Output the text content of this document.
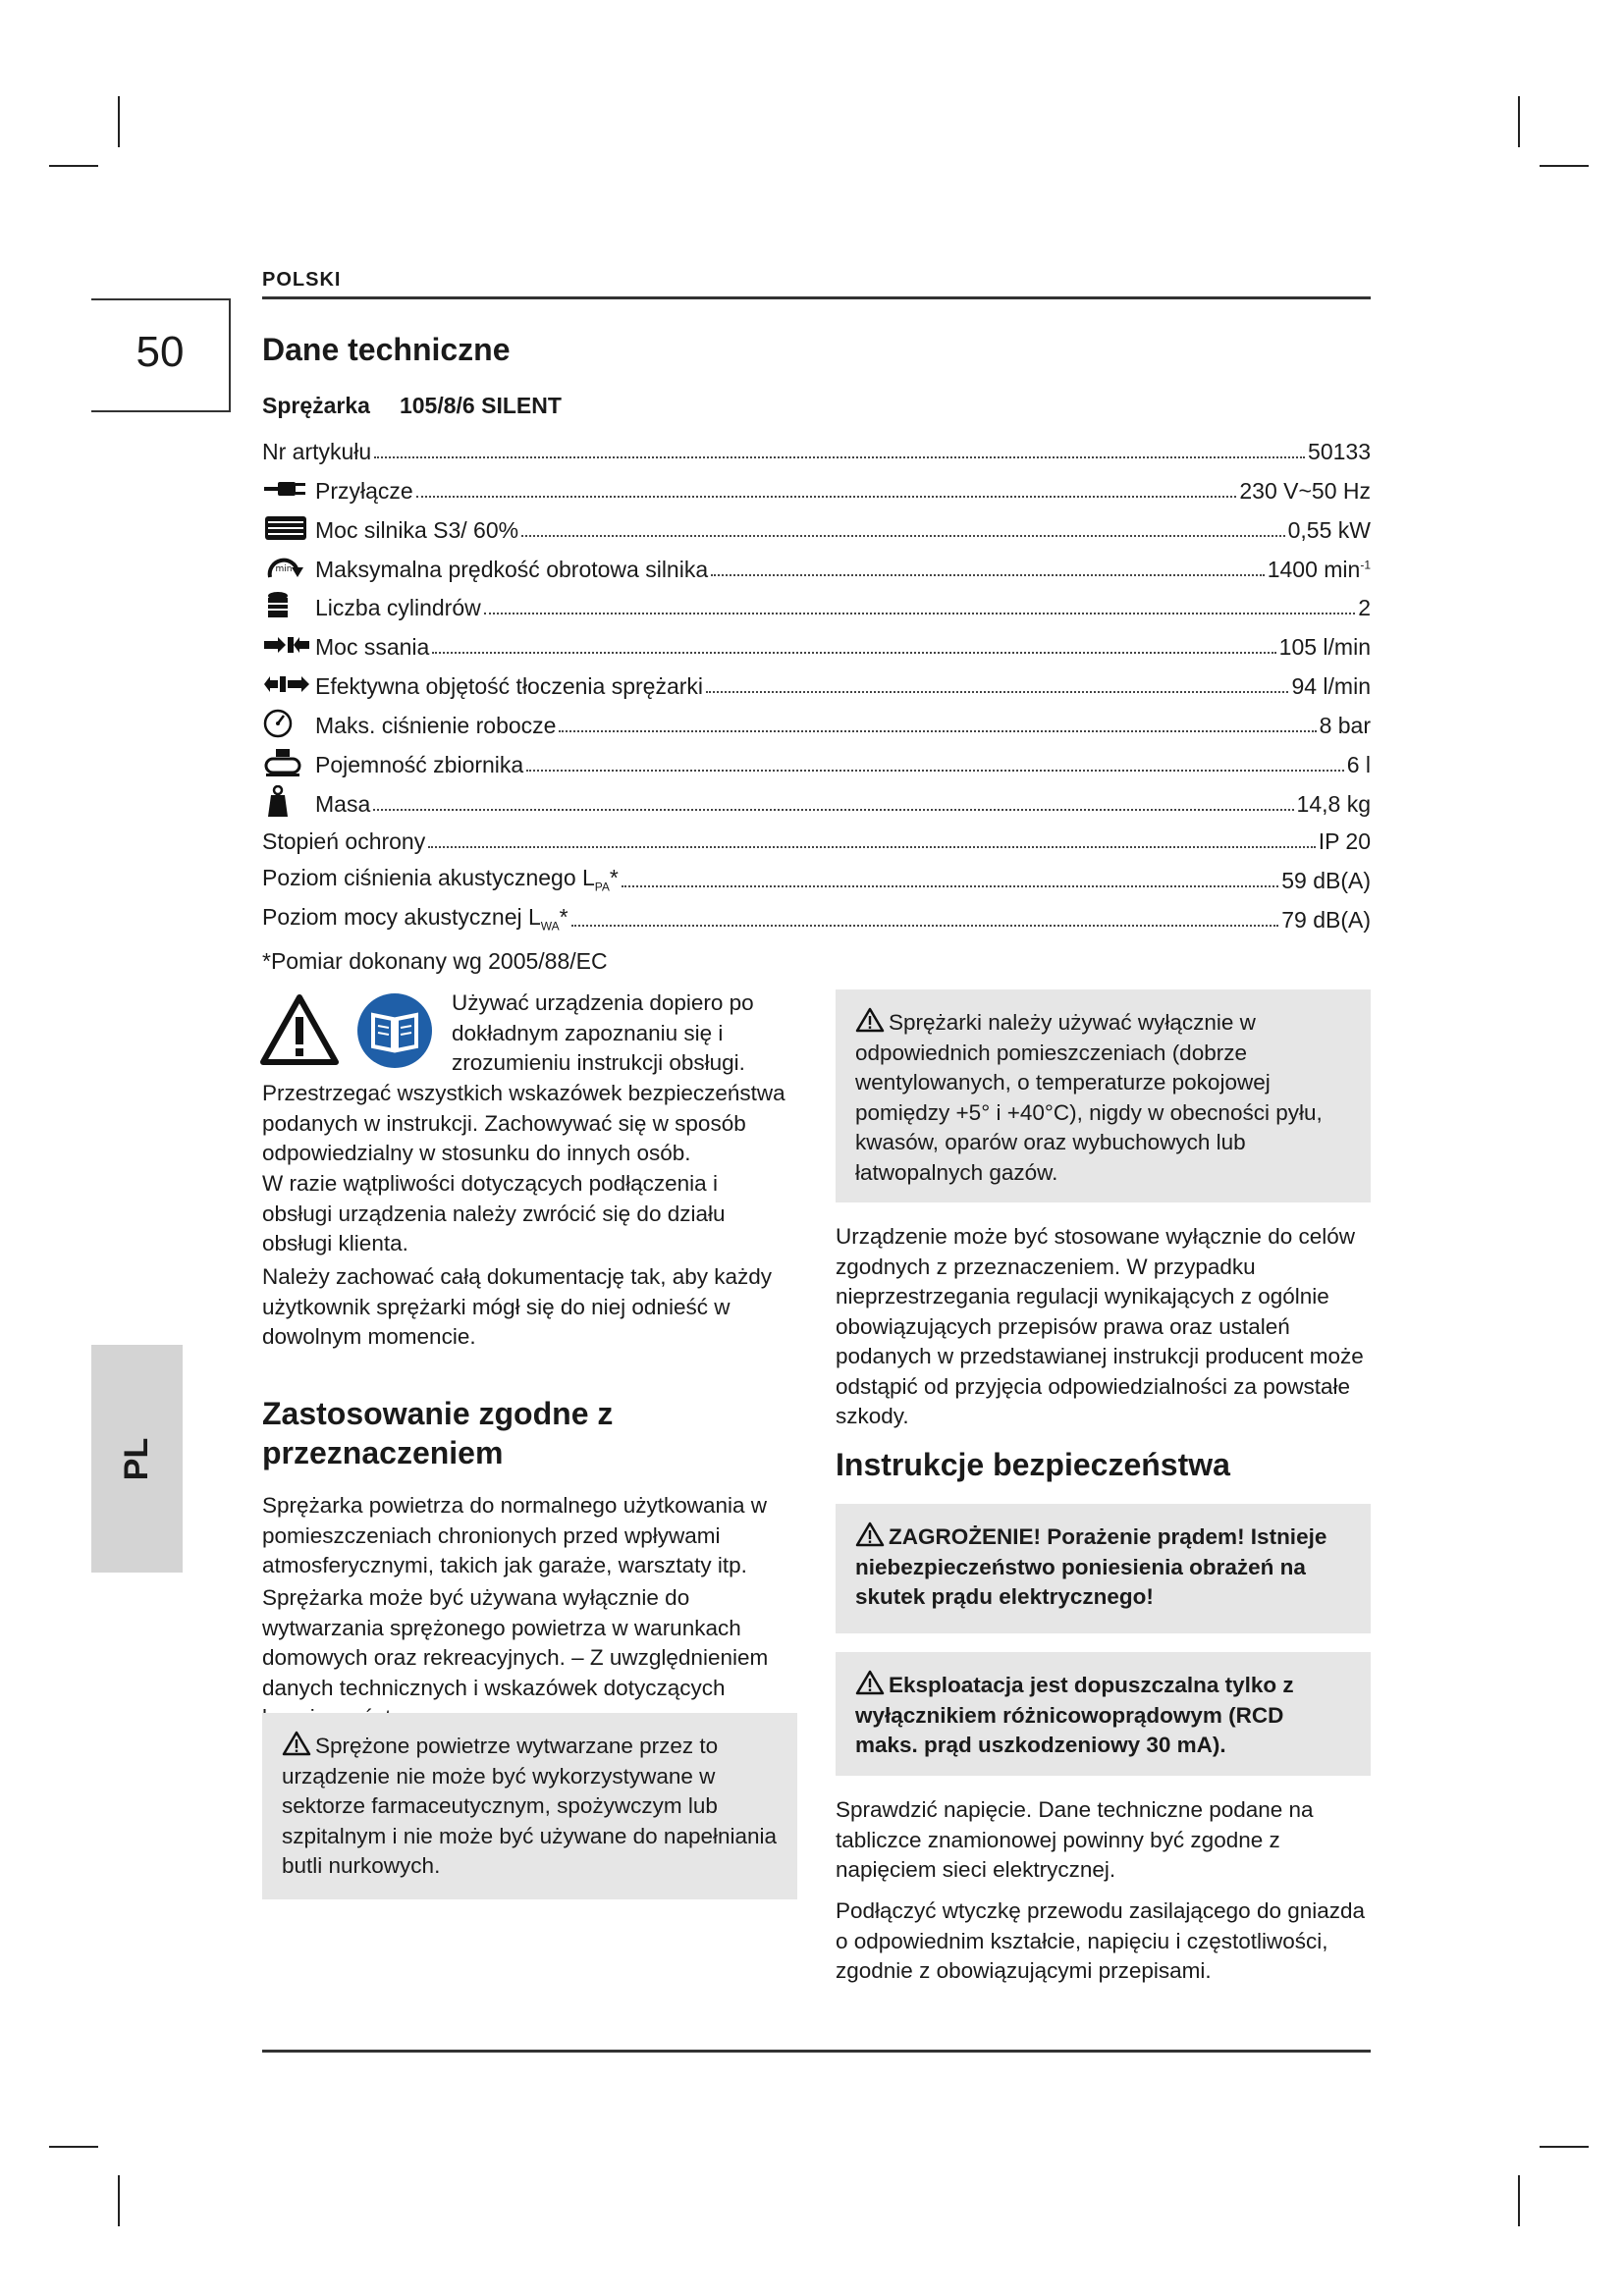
POLSKI
50	Dane techniczne
Sprężarka 105/8/6 SILENT
Nr artykułu	50133
Przyłącze	230 V~50 Hz
Moc silnika S3/ 60%	0,55 kW
min Maksymalna prędkość obrotowa silnika	1400 $\min^{-1}$
Liczba cylindrów	2
Moc ssania	105 l/min
Efektywna objętość tłoczenia sprężarki	94 l/min
Maks. ciśnienie robocze	8 bar
Pojemność zbiornika	6 l
Masa	14,8 kg
Stopień ochrony	IP 20
Poziom ciśnienia akustycznego $L_{PA}*$	59 dB(A)
Poziom mocy akustycznej $L_{WA}*$	79 dB(A)
*Pomiar dokonany wg 2005/88/EC
Używać urządzenia dopiero po dokładnym zapoznaniu się i zrozumieniu instrukcji obsługi.
Przestrzegać wszystkich wskazówek bezpieczeństwa podanych w instrukcji. Zachowywać się w sposób odpowiedzialny w stosunku do innych osób.
W razie wątpliwości dotyczących podłączenia i obsługi urządzenia należy zwrócić się do działu obsługi klienta.
Należy zachować całą dokumentację tak, aby każdy użytkownik sprężarki mógł się do niej odnieść w dowolnym momencie.
Zastosowanie zgodne z przeznaczeniem
Sprężarka powietrza do normalnego użytkowania w pomieszczeniach chronionych przed wpływami atmosferycznymi, takich jak garaże, warsztaty itp.
Sprężarka może być używana wyłącznie do wytwarzania sprężonego powietrza w warunkach domowych oraz rekreacyjnych. – Z uwzględnieniem danych technicznych i wskazówek dotyczących
Sprężone powietrze wytwarzane przez to urządzenie nie może być wykorzystywane w sektorze farmaceutycznym, spożywczym lub szpitalnym i nie może być używane do napełniania butli nurkowych.
Sprężarki należy używać wyłącznie w odpowiednich pomieszczeniach (dobrze wentylowanych, o temperaturze pokojowej pomiędzy +5° i +40°C), nigdy w obecności pyłu, kwasów, oparów oraz wybuchowych lub łatwopalnych gazów.
Urządzenie może być stosowane wyłącznie do celów zgodnych z przeznaczeniem. W przypadku nieprzestrzegania regulacji wynikających z ogólnie obowiązujących przepisów prawa oraz ustaleń podanych w przedstawianej instrukcji producent może odstąpić od przyjęcia odpowiedzialności za powstałe szkody.
Instrukcje bezpieczeństwa
ZAGROŻENIE! Porażenie prądem! Istnieje niebezpieczeństwo poniesienia obrażeń na skutek prądu elektrycznego!
Eksploatacja jest dopuszczalna tylko z wyłącznikiem różnicowoprądowym (RCD maks. prąd uszkodzeniowy 30 mA).
Sprawdzić napięcie. Dane techniczne podane na tabliczce znamionowej powinny być zgodne z napięciem sieci elektrycznej.
Podłączyć wtyczkę przewodu zasilającego do gniazda o odpowiednim kształcie, napięciu i częstotliwości, zgodnie z obowiązującymi przepisami.
PL
